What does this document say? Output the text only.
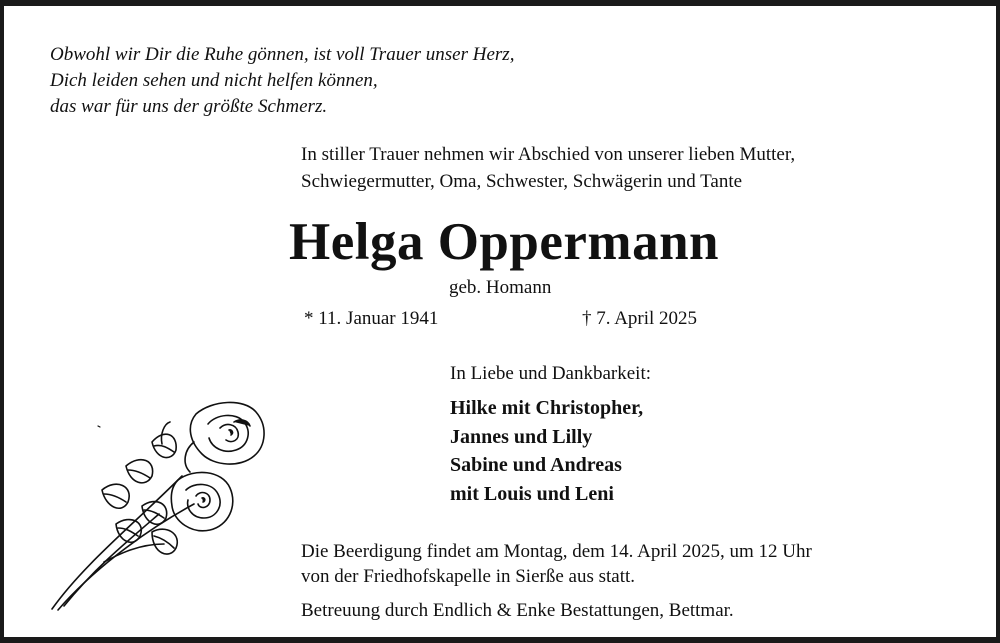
Obwohl wir Dir die Ruhe gönnen, ist voll Trauer unser Herz,
Dich leiden sehen und nicht helfen können,
das war für uns der größte Schmerz.
In stiller Trauer nehmen wir Abschied von unserer lieben Mutter,
Schwiegermutter, Oma, Schwester, Schwägerin und Tante
Helga Oppermann
geb. Homann
* 11. Januar 1941	† 7. April 2025
In Liebe und Dankbarkeit:
Hilke mit Christopher,
Jannes und Lilly
Sabine und Andreas
mit Louis und Leni
Die Beerdigung findet am Montag, dem 14. April 2025, um 12 Uhr
von der Friedhofskapelle in Sierße aus statt.
Betreuung durch Endlich & Enke Bestattungen, Bettmar.
